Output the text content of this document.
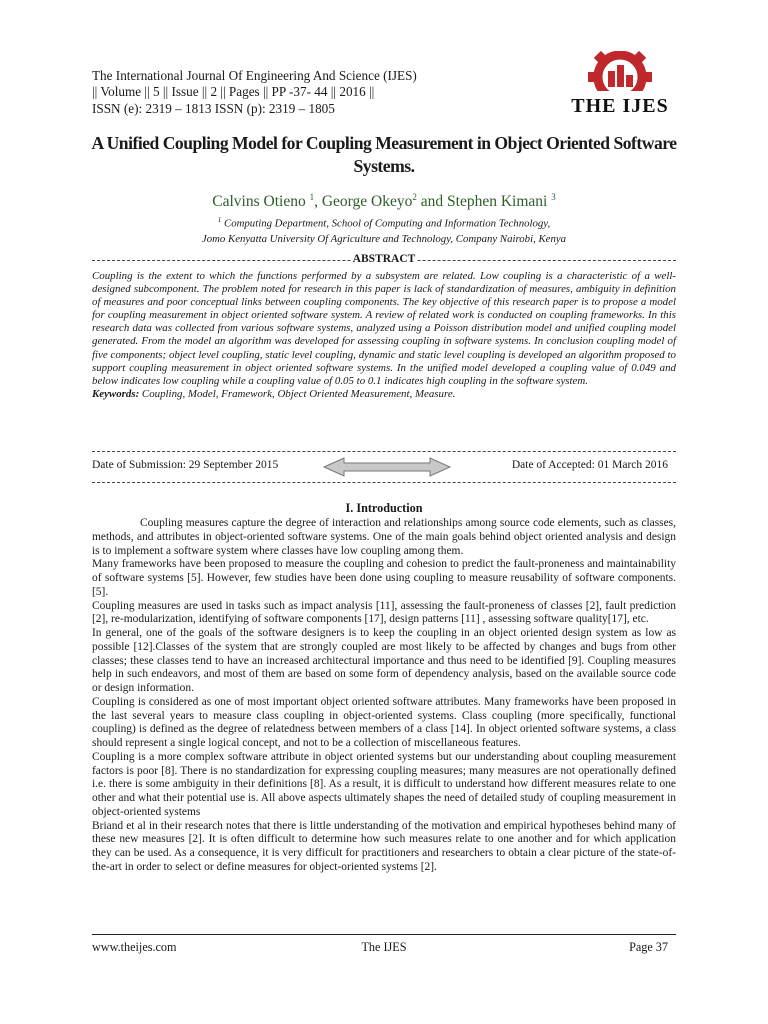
The International Journal Of Engineering And Science (IJES)
|| Volume || 5 || Issue || 2 || Pages || PP -37- 44 || 2016 ||
ISSN (e): 2319 – 1813 ISSN (p): 2319 – 1805	THE IJES
A Unified Coupling Model for Coupling Measurement in Object Oriented Software Systems.
Calvins Otieno $^1$, George Okeyo$^2$ and Stephen Kimani $^3$
$^1$ Computing Department, School of Computing and Information Technology,
Jomo Kenyatta University Of Agriculture and Technology, Company Nairobi, Kenya
ABSTRACT
Coupling is the extent to which the functions performed by a subsystem are related. Low coupling is a characteristic of a well-designed subcomponent. The problem noted for research in this paper is lack of standardization of measures, ambiguity in definition of measures and poor conceptual links between coupling components. The key objective of this research paper is to propose a model for coupling measurement in object oriented software system. A review of related work is conducted on coupling frameworks. In this research data was collected from various software systems, analyzed using a Poisson distribution model and unified coupling model generated. From the model an algorithm was developed for assessing coupling in software systems. In conclusion coupling model of five components; object level coupling, static level coupling, dynamic and static level coupling is developed an algorithm proposed to support coupling measurement in object oriented software systems. In the unified model developed a coupling value of 0.049 and below indicates low coupling while a coupling value of 0.05 to 0.1 indicates high coupling in the software system.
Keywords: Coupling, Model, Framework, Object Oriented Measurement, Measure.
Date of Submission: 29 September 2015	Date of Accepted: 01 March 2016
I. Introduction

Coupling measures capture the degree of interaction and relationships among source code elements, such as classes, methods, and attributes in object-oriented software systems. One of the main goals behind object oriented analysis and design is to implement a software system where classes have low coupling among them.

Many frameworks have been proposed to measure the coupling and cohesion to predict the fault-proneness and maintainability of software systems [5]. However, few studies have been done using coupling to measure reusability of software components.[5].

Coupling measures are used in tasks such as impact analysis [11], assessing the fault-proneness of classes [2], fault prediction [2], re-modularization, identifying of software components [17], design patterns [11] , assessing software quality[17], etc.

In general, one of the goals of the software designers is to keep the coupling in an object oriented design system as low as possible [12].Classes of the system that are strongly coupled are most likely to be affected by changes and bugs from other classes; these classes tend to have an increased architectural importance and thus need to be identified [9]. Coupling measures help in such endeavors, and most of them are based on some form of dependency analysis, based on the available source code or design information.

Coupling is considered as one of most important object oriented software attributes. Many frameworks have been proposed in the last several years to measure class coupling in object-oriented systems. Class coupling (more specifically, functional coupling) is defined as the degree of relatedness between members of a class [14]. In object oriented software systems, a class should represent a single logical concept, and not to be a collection of miscellaneous features.

Coupling is a more complex software attribute in object oriented systems but our understanding about coupling measurement factors is poor [8]. There is no standardization for expressing coupling measures; many measures are not operationally defined i.e. there is some ambiguity in their definitions [8]. As a result, it is difficult to understand how different measures relate to one other and what their potential use is. All above aspects ultimately shapes the need of detailed study of coupling measurement in object-oriented systems

Briand et al in their research notes that there is little understanding of the motivation and empirical hypotheses behind many of these new measures [2]. It is often difficult to determine how such measures relate to one another and for which application they can be used. As a consequence, it is very difficult for practitioners and researchers to obtain a clear picture of the state-of-the-art in order to select or define measures for object-oriented systems [2].

www.theijes.com	The IJES	Page 37
